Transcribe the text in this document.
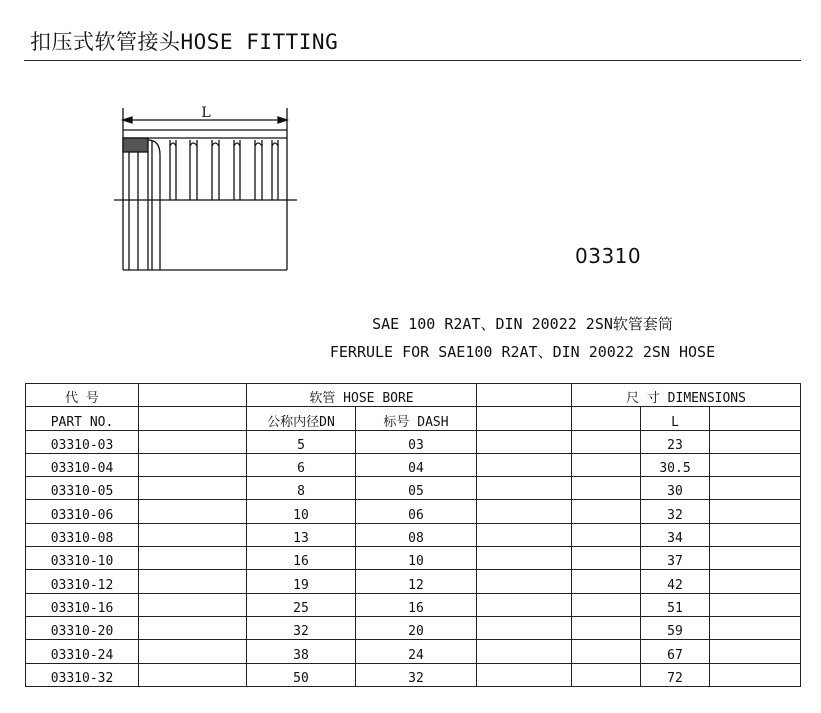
扣压式软管接头HOSE FITTING
L
03310
SAE 100 R2AT、DIN 20022 2SN软管套筒
FERRULE FOR SAE100 R2AT、DIN 20022 2SN HOSE
代 号		软管 HOSE BORE			尺 寸 DIMENSIONS		
PART NO.		公称内径DN	标号 DASH			L	
03310-03		5	03			23	
03310-04		6	04			30.5	
03310-05		8	05			30	
03310-06		10	06			32	
03310-08		13	08			34	
03310-10		16	10			37	
03310-12		19	12			42	
03310-16		25	16			51	
03310-20		32	20			59	
03310-24		38	24			67	
03310-32		50	32			72	
